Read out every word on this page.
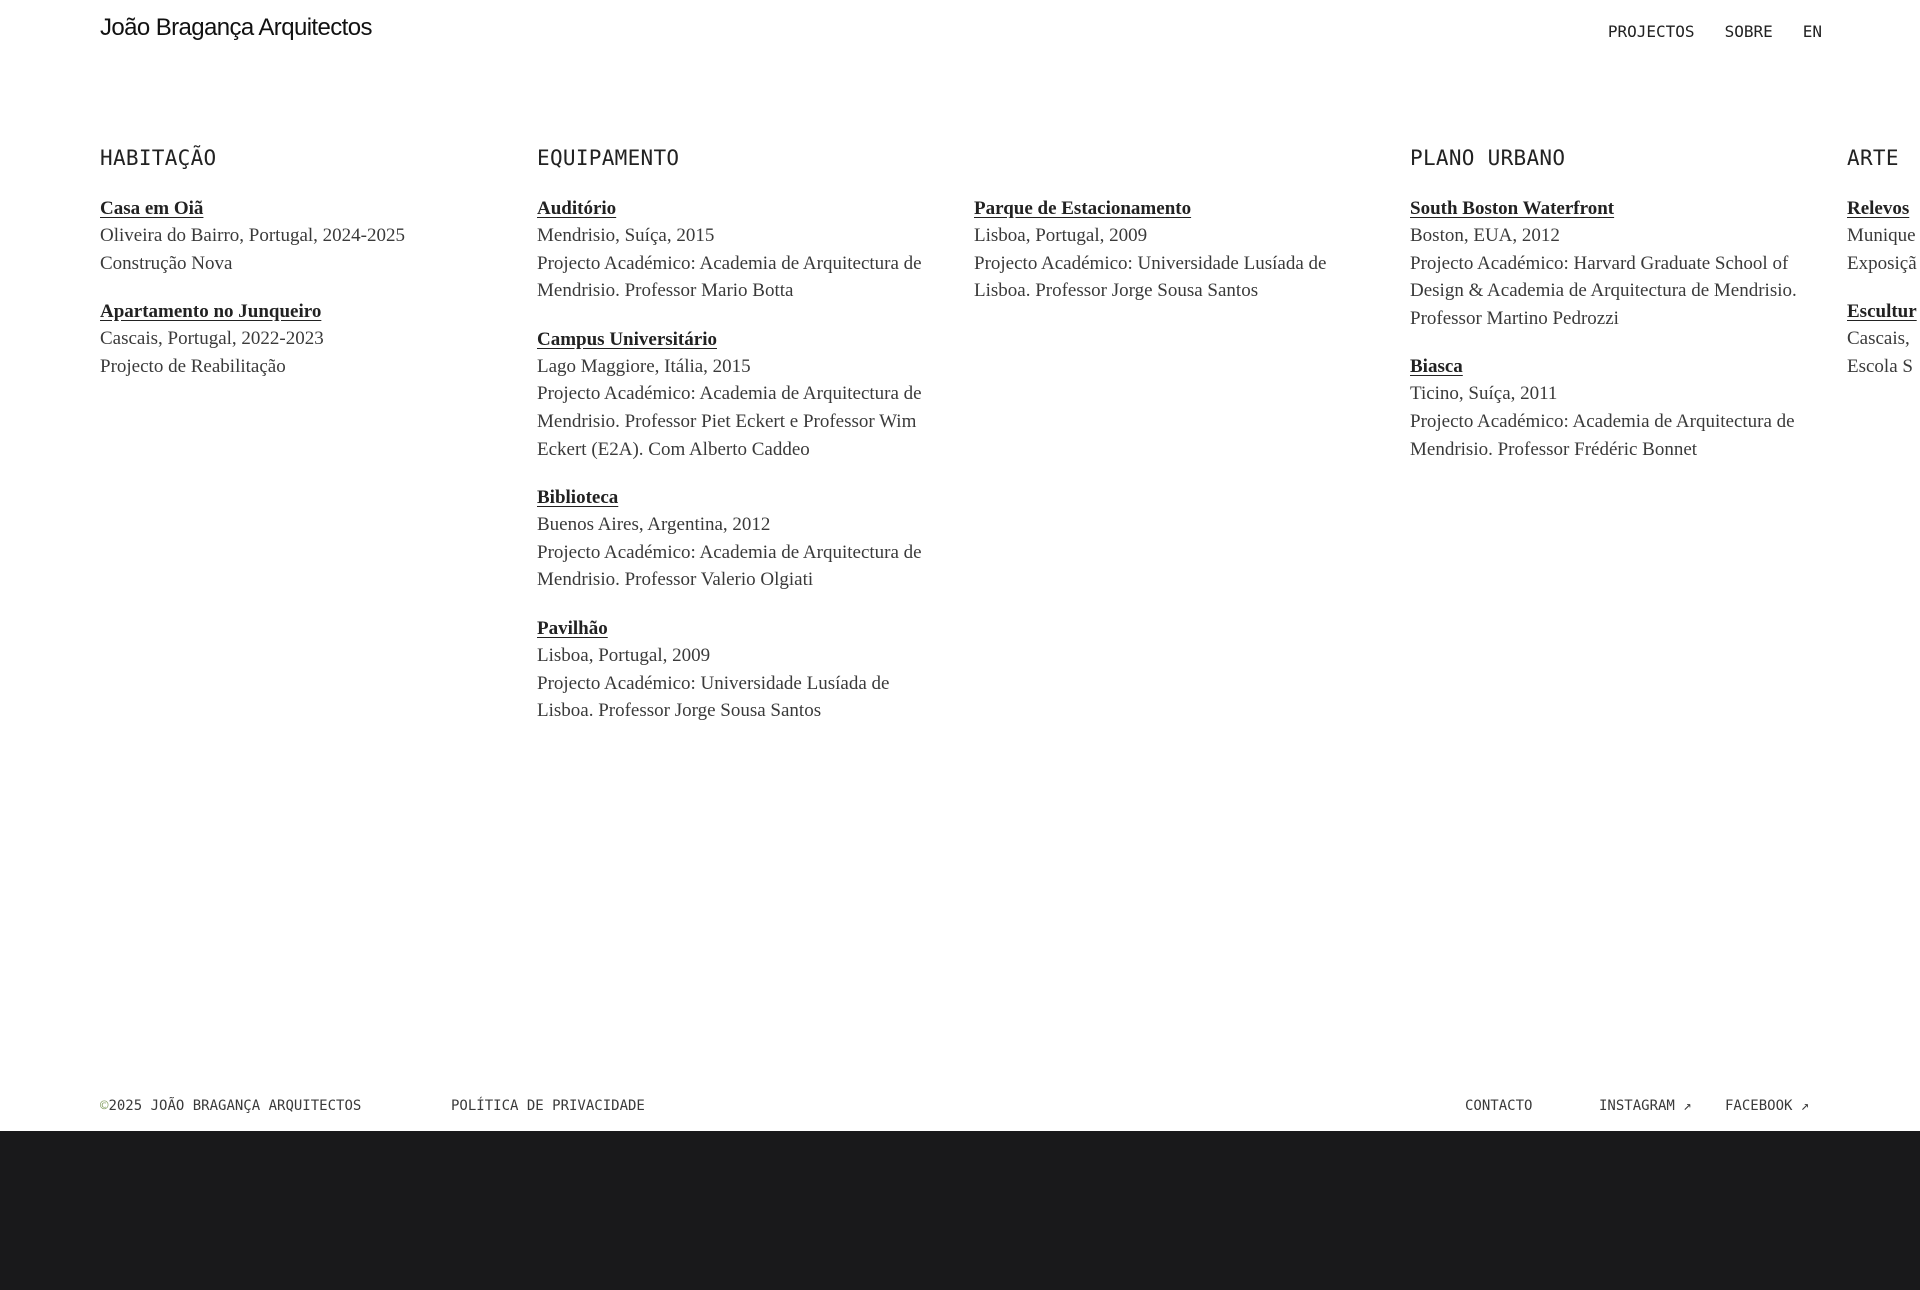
João Bragança Arquitectos	PROJECTOS SOBRE EN
HABITAÇÃO
Casa em Oiã
Oliveira do Bairro, Portugal, 2024-2025
Construção Nova
Apartamento no Junqueiro
Cascais, Portugal, 2022-2023
Projecto de Reabilitação
EQUIPAMENTO
Auditório
Mendrisio, Suíça, 2015
Projecto Académico: Academia de Arquitectura de Mendrisio. Professor Mario Botta
Campus Universitário
Lago Maggiore, Itália, 2015
Projecto Académico: Academia de Arquitectura de Mendrisio. Professor Piet Eckert e Professor Wim Eckert (E2A). Com Alberto Caddeo
Biblioteca
Buenos Aires, Argentina, 2012
Projecto Académico: Academia de Arquitectura de Mendrisio. Professor Valerio Olgiati
Pavilhão
Lisboa, Portugal, 2009
Projecto Académico: Universidade Lusíada de Lisboa. Professor Jorge Sousa Santos
Parque de Estacionamento
Lisboa, Portugal, 2009
Projecto Académico: Universidade Lusíada de Lisboa. Professor Jorge Sousa Santos
PLANO URBANO
South Boston Waterfront
Boston, EUA, 2012
Projecto Académico: Harvard Graduate School of Design & Academia de Arquitectura de Mendrisio. Professor Martino Pedrozzi
Biasca
Ticino, Suíça, 2011
Projecto Académico: Academia de Arquitectura de Mendrisio. Professor Frédéric Bonnet
ARTE
Relevos
Munique
Exposiçã
Escultur
Cascais,
Escola S
©2025 JOÃO BRAGANÇA ARQUITECTOS	POLÍTICA DE PRIVACIDADE	CONTACTO	INSTAGRAM ↗ FACEBOOK ↗
